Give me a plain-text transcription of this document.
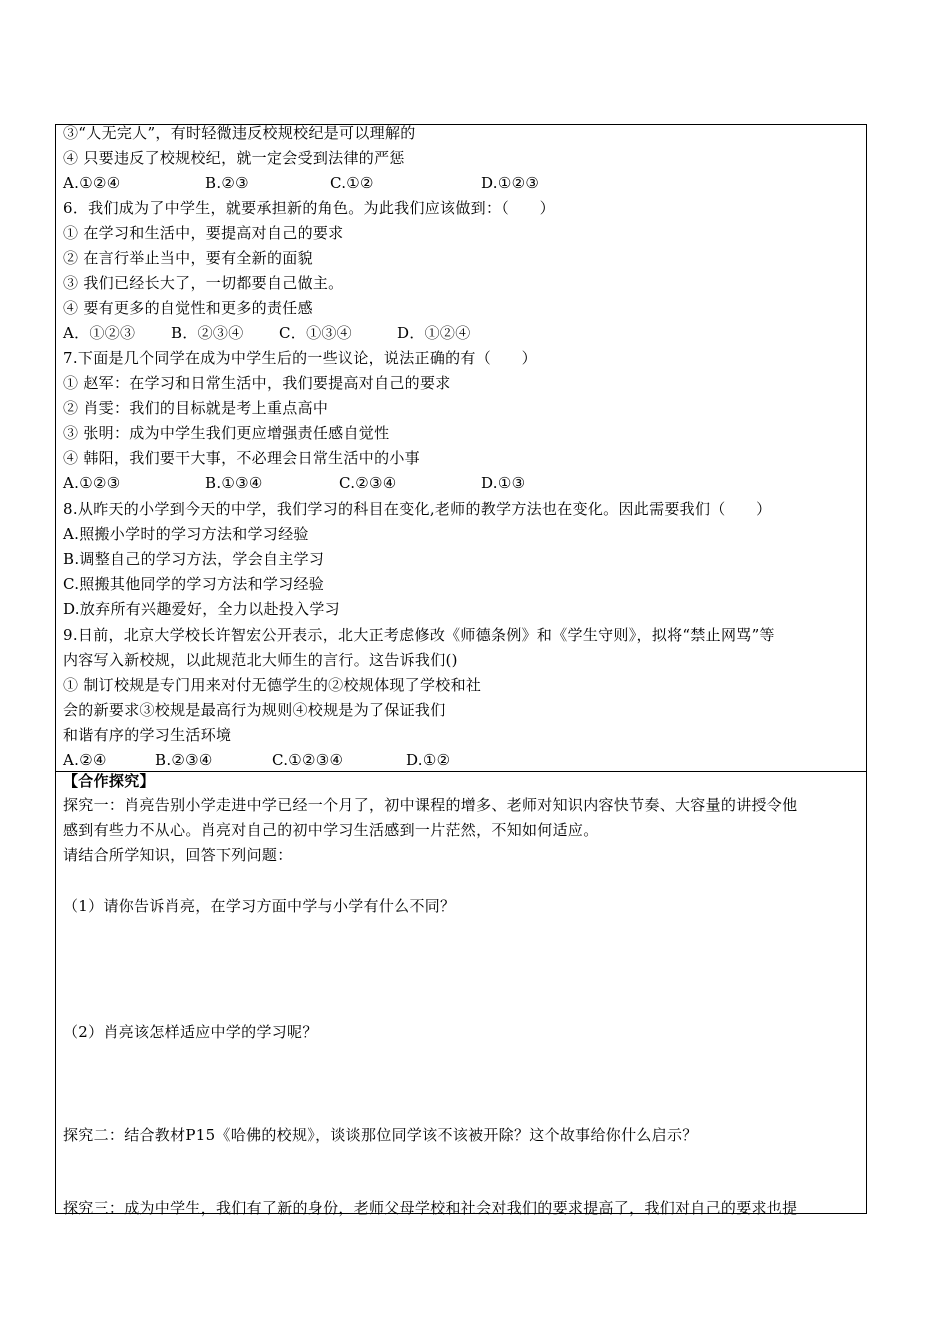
③“人无完人”，有时轻微违反校规校纪是可以理解的
④ 只要违反了校规校纪，就一定会受到法律的严惩
A.①②④	B.②③	C.①②	D.①②③
6．我们成为了中学生，就要承担新的角色。为此我们应该做到：（　　）
① 在学习和生活中，要提高对自己的要求
② 在言行举止当中，要有全新的面貌
③ 我们已经长大了，一切都要自己做主。
④ 要有更多的自觉性和更多的责任感
A．①②③ B．②③④ C．①③④	D．①②④
7.下面是几个同学在成为中学生后的一些议论，说法正确的有（　　）
① 赵军：在学习和日常生活中，我们要提高对自己的要求
② 肖雯：我们的目标就是考上重点高中
③ 张明：成为中学生我们更应增强责任感自觉性
④ 韩阳，我们要干大事，不必理会日常生活中的小事
A.①②③	B.①③④	C.②③④	D.①③
8.从昨天的小学到今天的中学，我们学习的科目在变化,老师的教学方法也在变化。因此需要我们（　　）
A.照搬小学时的学习方法和学习经验
B.调整自己的学习方法，学会自主学习
C.照搬其他同学的学习方法和学习经验
D.放弃所有兴趣爱好，全力以赴投入学习
9.日前，北京大学校长许智宏公开表示，北大正考虑修改《师德条例》和《学生守则》，拟将“禁止网骂”等
内容写入新校规，以此规范北大师生的言行。这告诉我们()
① 制订校规是专门用来对付无德学生的②校规体现了学校和社
会的新要求③校规是最高行为规则④校规是为了保证我们
和谐有序的学习生活环境
A.②④	B.②③④	C.①②③④	D.①②
【合作探究】
探究一：肖亮告别小学走进中学已经一个月了，初中课程的增多、老师对知识内容快节奏、大容量的讲授令他
感到有些力不从心。肖亮对自己的初中学习生活感到一片茫然，不知如何适应。
请结合所学知识，回答下列问题：
（1）请你告诉肖亮，在学习方面中学与小学有什么不同？
（2）肖亮该怎样适应中学的学习呢？
探究二：结合教材P15《哈佛的校规》，谈谈那位同学该不该被开除？这个故事给你什么启示？
探究三：成为中学生，我们有了新的身份，老师父母学校和社会对我们的要求提高了，我们对自己的要求也提
